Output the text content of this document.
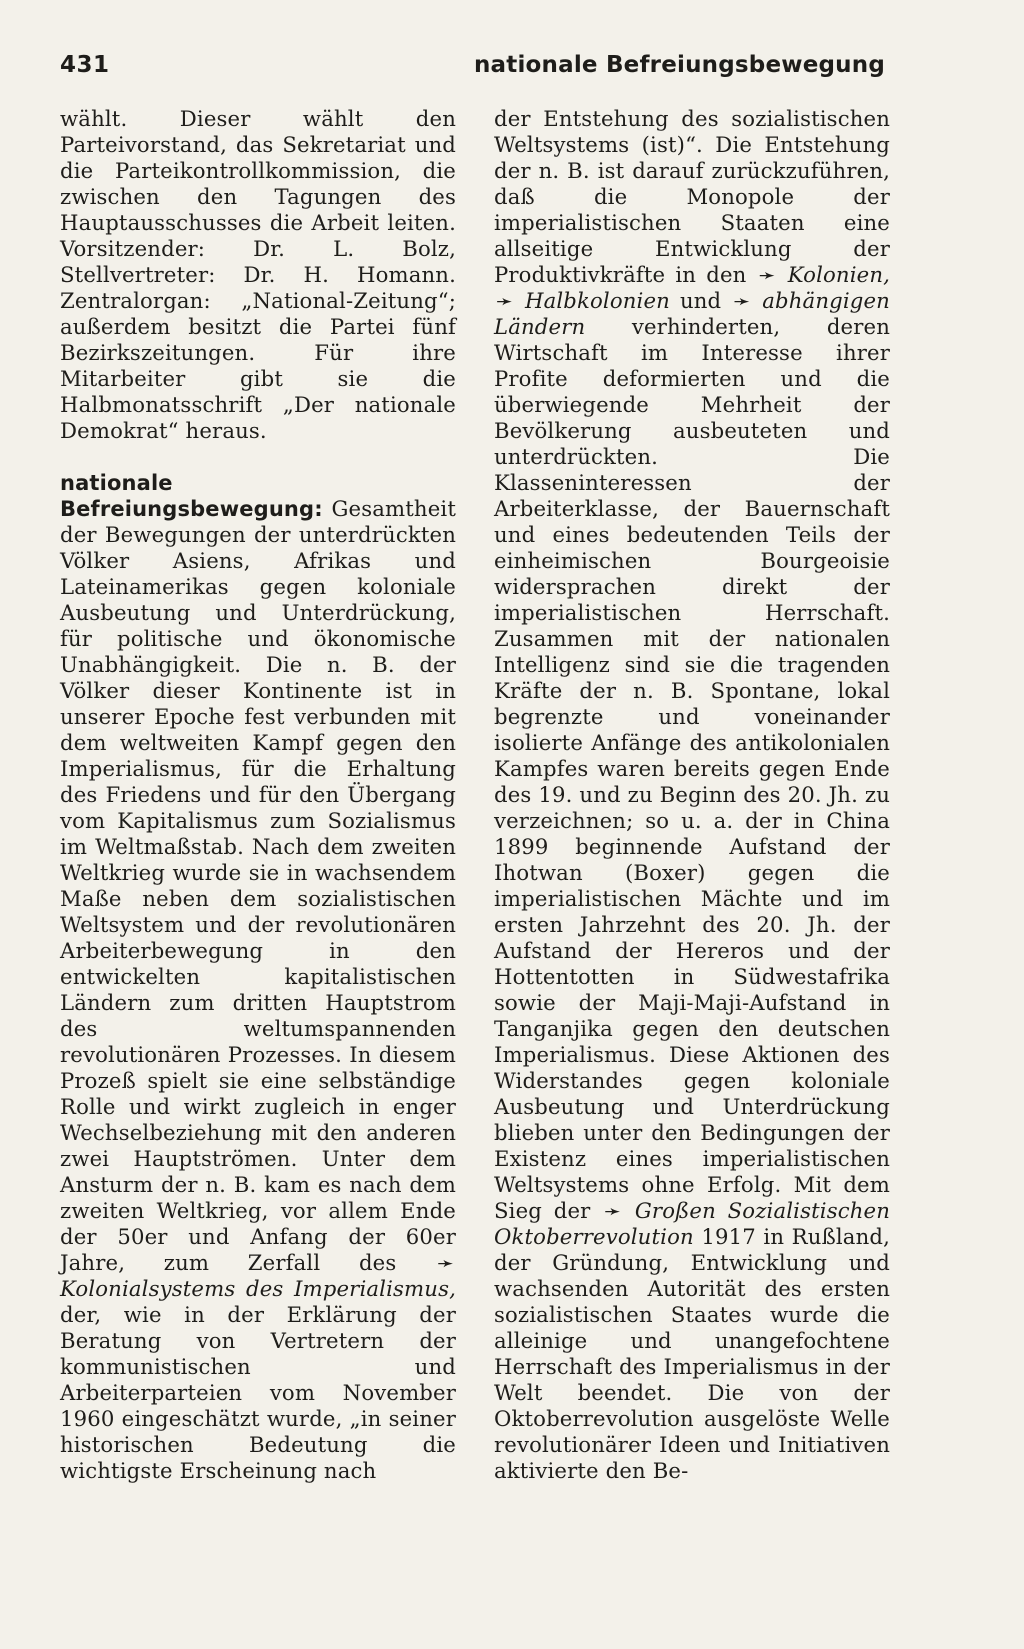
431	nationale Befreiungsbewegung

wählt. Dieser wählt den Parteivorstand, das Sekretariat und die Parteikontrollkommission, die zwischen den Tagungen des Hauptausschusses die Arbeit leiten. Vorsitzender: Dr. L. Bolz, Stellvertreter: Dr. H. Homann. Zentralorgan: „National-Zeitung“; außerdem besitzt die Partei fünf Bezirkszeitungen. Für ihre Mitarbeiter gibt sie die Halbmonatsschrift „Der nationale Demokrat“ heraus.

nationale Befreiungsbewegung: Gesamtheit der Bewegungen der unterdrückten Völker Asiens, Afrikas und Lateinamerikas gegen koloniale Ausbeutung und Unterdrückung, für politische und ökonomische Unabhängigkeit. Die n. B. der Völker dieser Kontinente ist in unserer Epoche fest verbunden mit dem weltweiten Kampf gegen den Imperialismus, für die Erhaltung des Friedens und für den Übergang vom Kapitalismus zum Sozialismus im Weltmaßstab. Nach dem zweiten Weltkrieg wurde sie in wachsendem Maße neben dem sozialistischen Weltsystem und der revolutionären Arbeiterbewegung in den entwickelten kapitalistischen Ländern zum dritten Hauptstrom des weltumspannenden revolutionären Prozesses. In diesem Prozeß spielt sie eine selbständige Rolle und wirkt zugleich in enger Wechselbeziehung mit den anderen zwei Hauptströmen. Unter dem Ansturm der n. B. kam es nach dem zweiten Weltkrieg, vor allem Ende der 50er und Anfang der 60er Jahre, zum Zerfall des ➛ Kolonialsystems des Imperialismus, der, wie in der Erklärung der Beratung von Vertretern der kommunistischen und Arbeiterparteien vom November 1960 eingeschätzt wurde, „in seiner historischen Bedeutung die wichtigste Erscheinung nach

der Entstehung des sozialistischen Weltsystems (ist)“. Die Entstehung der n. B. ist darauf zurückzuführen, daß die Monopole der imperialistischen Staaten eine allseitige Entwicklung der Produktivkräfte in den ➛ Kolonien, ➛ Halbkolonien und ➛ abhängigen Ländern verhinderten, deren Wirtschaft im Interesse ihrer Profite deformierten und die überwiegende Mehrheit der Bevölkerung ausbeuteten und unterdrückten. Die Klasseninteressen der Arbeiterklasse, der Bauernschaft und eines bedeutenden Teils der einheimischen Bourgeoisie widersprachen direkt der imperialistischen Herrschaft. Zusammen mit der nationalen Intelligenz sind sie die tragenden Kräfte der n. B. Spontane, lokal begrenzte und voneinander isolierte Anfänge des antikolonialen Kampfes waren bereits gegen Ende des 19. und zu Beginn des 20. Jh. zu verzeichnen; so u. a. der in China 1899 beginnende Aufstand der Ihotwan (Boxer) gegen die imperialistischen Mächte und im ersten Jahrzehnt des 20. Jh. der Aufstand der Hereros und der Hottentotten in Südwestafrika sowie der Maji-Maji-Aufstand in Tanganjika gegen den deutschen Imperialismus. Diese Aktionen des Widerstandes gegen koloniale Ausbeutung und Unterdrückung blieben unter den Bedingungen der Existenz eines imperialistischen Weltsystems ohne Erfolg. Mit dem Sieg der ➛ Großen Sozialistischen Oktoberrevolution 1917 in Rußland, der Gründung, Entwicklung und wachsenden Autorität des ersten sozialistischen Staates wurde die alleinige und unangefochtene Herrschaft des Imperialismus in der Welt beendet. Die von der Oktoberrevolution ausgelöste Welle revolutionärer Ideen und Initiativen aktivierte den Be-
